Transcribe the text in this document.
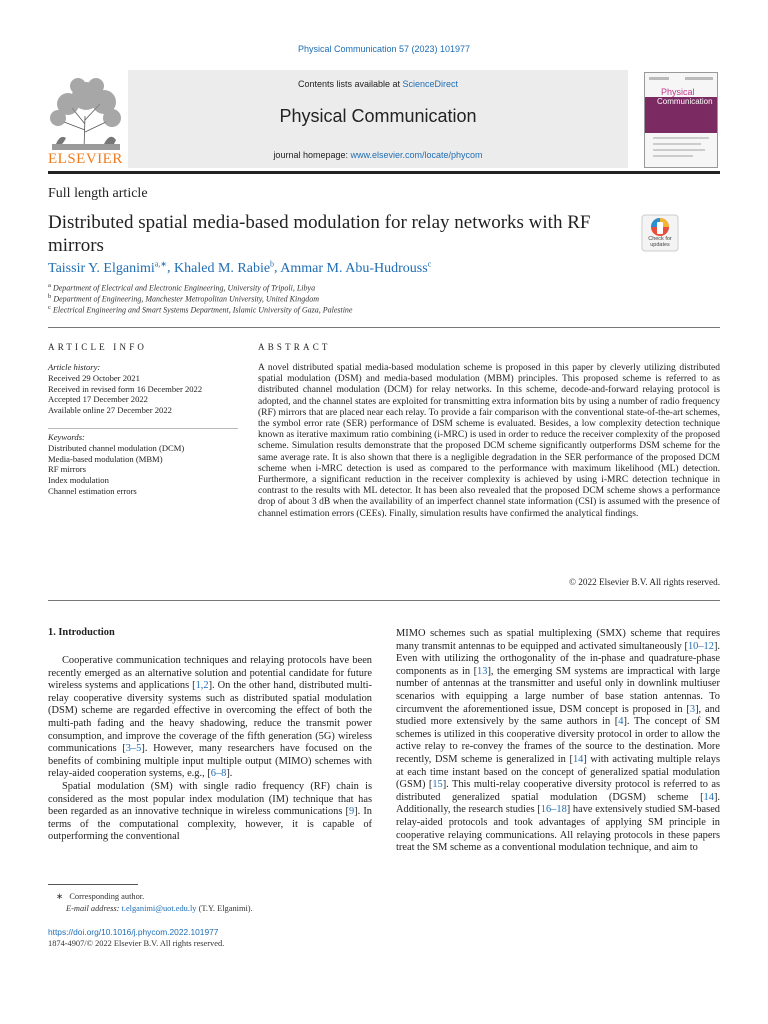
Physical Communication 57 (2023) 101977
Contents lists available at ScienceDirect
Physical Communication
journal homepage: www.elsevier.com/locate/phycom
ELSEVIER
Physical
Communication
Full length article
Distributed spatial media-based modulation for relay networks with RF mirrors	Check for updates
Taissir Y. Elganimi$^{a,∗}$, Khaled M. Rabie$^b$, Ammar M. Abu-Hudrouss$^c$
$^a$ Department of Electrical and Electronic Engineering, University of Tripoli, Libya
$^b$ Department of Engineering, Manchester Metropolitan University, United Kingdom
$^c$ Electrical Engineering and Smart Systems Department, Islamic University of Gaza, Palestine
ARTICLE INFO
Article history:
Received 29 October 2021
Received in revised form 16 December 2022
Accepted 17 December 2022
Available online 27 December 2022
Keywords:
Distributed channel modulation (DCM)
Media-based modulation (MBM)
RF mirrors
Index modulation
Channel estimation errors
ABSTRACT
A novel distributed spatial media-based modulation scheme is proposed in this paper by cleverly utilizing distributed spatial modulation (DSM) and media-based modulation (MBM) principles. This proposed scheme is referred to as distributed channel modulation (DCM) for relay networks. In this scheme, decode-and-forward relaying protocol is adopted, and the channel states are exploited for transmitting extra information bits by using a number of radio frequency (RF) mirrors that are placed near each relay. To provide a fair comparison with the conventional state-of-the-art schemes, the symbol error rate (SER) performance of DSM scheme is evaluated. Besides, a low complexity detection technique known as iterative maximum ratio combining (i-MRC) is used in order to reduce the receiver complexity of the proposed scheme. Simulation results demonstrate that the proposed DCM scheme significantly outperforms DSM scheme for the same average rate. It is also shown that there is a negligible degradation in the SER performance of the proposed DCM scheme when i-MRC detection is used as compared to the performance with maximum likelihood (ML) detection. Furthermore, a significant reduction in the receiver complexity is achieved by using i-MRC detection technique in contrast to the results with ML detector. It has been also revealed that the proposed DCM scheme shows a performance drop of about 3 dB when the availability of an imperfect channel state information (CSI) is assumed with the presence of channel estimation errors (CEEs). Finally, simulation results have confirmed the analytical findings.
© 2022 Elsevier B.V. All rights reserved.
1. Introduction

Cooperative communication techniques and relaying protocols have been recently emerged as an alternative solution and potential candidate for future wireless systems and applications [1,2]. On the other hand, distributed multi-relay cooperative diversity systems such as distributed spatial modulation (DSM) scheme are regarded effective in overcoming the effect of both the multi-path fading and the heavy shadowing, reduce the transmit power consumption, and improve the coverage of the fifth generation (5G) wireless communications [3–5]. However, many researchers have focused on the benefits of combining multiple input multiple output (MIMO) schemes with relay-aided cooperation systems, e.g., [6–8].

Spatial modulation (SM) with single radio frequency (RF) chain is considered as the most popular index modulation (IM) technique that has been regarded as an innovative technique in wireless communications [9]. In terms of the computational complexity, however, it is capable of outperforming the conventional

MIMO schemes such as spatial multiplexing (SMX) scheme that requires many transmit antennas to be equipped and activated simultaneously [10–12]. Even with utilizing the orthogonality of the in-phase and quadrature-phase components as in [13], the emerging SM systems are impractical with large number of antennas at the transmitter and useful only in downlink multiuser scenarios with equipping a large number of base station antennas. To circumvent the aforementioned issue, DSM concept is proposed in [3], and studied more extensively by the same authors in [4]. The concept of SM schemes is utilized in this cooperative diversity protocol in order to allow the active relay to re-convey the frames of the source to the destination. More recently, DSM scheme is generalized in [14] with activating multiple relays at each time instant based on the concept of generalized spatial modulation (GSM) [15]. This multi-relay cooperative diversity protocol is referred to as distributed generalized spatial modulation (DGSM) scheme [14]. Additionally, the research studies [16–18] have extensively studied SM-based relay-aided protocols and took advantages of applying SM principle in cooperative relaying communications. All relaying protocols in these papers treat the SM scheme as a conventional modulation technique, and aim to

∗ Corresponding author.
E-mail address: t.elganimi@uot.edu.ly (T.Y. Elganimi).
https://doi.org/10.1016/j.phycom.2022.101977
1874-4907/© 2022 Elsevier B.V. All rights reserved.
